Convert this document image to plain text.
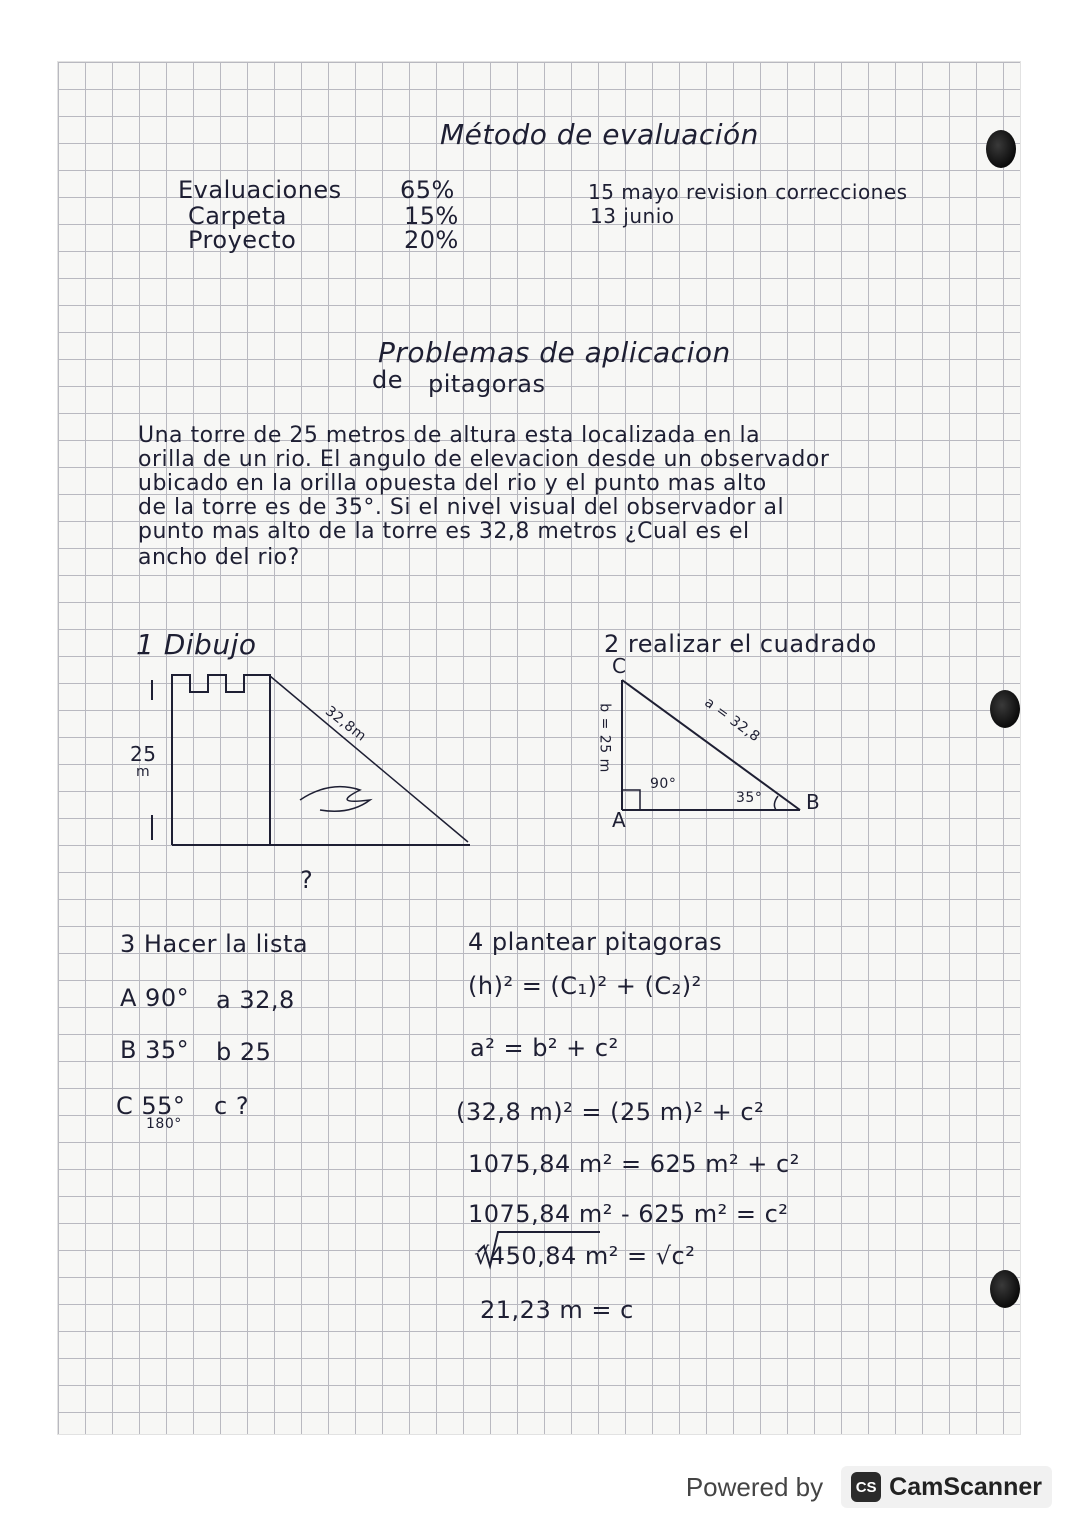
Método de evaluación
Evaluaciones
Carpeta
Proyecto
65%
15%
20%
15 mayo revision correcciones
13 junio
Problemas de aplicacion
de pitagoras
Una torre de 25 metros de altura esta localizada en la
orilla de un rio. El angulo de elevacion desde un observador
ubicado en la orilla opuesta del rio y el punto mas alto
de la torre es de 35°. Si el nivel visual del observador al
punto mas alto de la torre es 32,8 metros ¿Cual es el
ancho del rio?
1 Dibujo
25
m
32,8m
?
2 realizar el cuadrado
C
A
B
b = 25 m	a = 32,8
90°
35°
3 Hacer la lista
A 90° a 32,8
B 35° b 25
C 55° c ?
180°
4 plantear pitagoras
(h)² = (C₁)² + (C₂)²
a² = b² + c²
(32,8 m)² = (25 m)² + c²
1075,84 m² = 625 m² + c²
1075,84 m² - 625 m² = c²
√450,84 m² = √c²
21,23 m = c
Powered by	CS CamScanner
